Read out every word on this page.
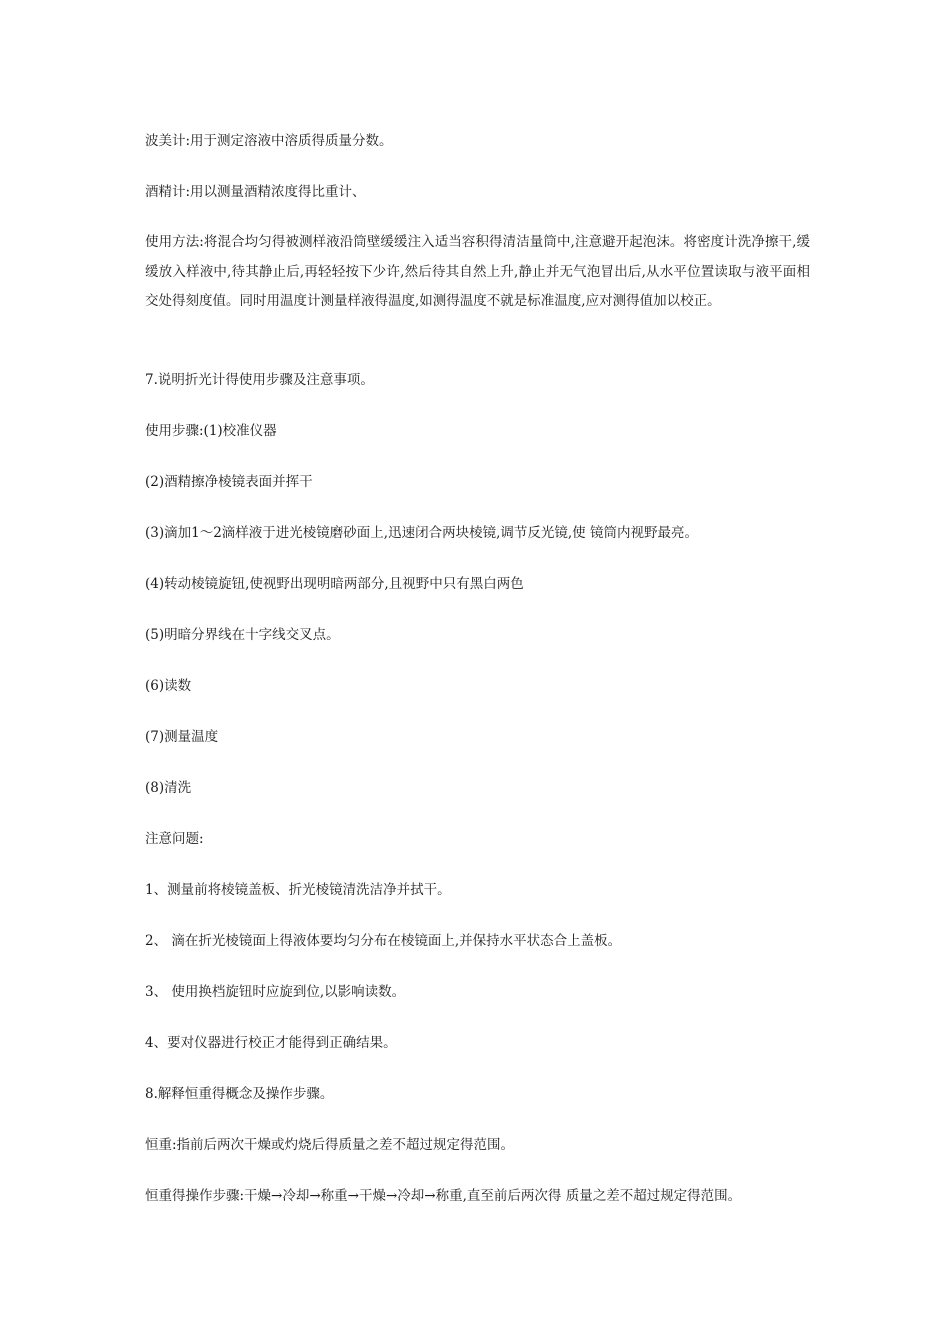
波美计:用于测定溶液中溶质得质量分数。

酒精计:用以测量酒精浓度得比重计、

使用方法:将混合均匀得被测样液沿筒壁缓缓注入适当容积得清洁量筒中,注意避开起泡沫。将密度计洗净擦干,缓缓放入样液中,待其静止后,再轻轻按下少许,然后待其自然上升,静止并无气泡冒出后,从水平位置读取与液平面相交处得刻度值。同时用温度计测量样液得温度,如测得温度不就是标准温度,应对测得值加以校正。

7.说明折光计得使用步骤及注意事项。

使用步骤:(1)校准仪器

(2)酒精擦净棱镜表面并挥干

(3)滴加1～2滴样液于进光棱镜磨砂面上,迅速闭合两块棱镜,调节反光镜,使 镜筒内视野最亮。

(4)转动棱镜旋钮,使视野出现明暗两部分,且视野中只有黑白两色

(5)明暗分界线在十字线交叉点。

(6)读数

(7)测量温度

(8)清洗

注意问题:

1、测量前将棱镜盖板、折光棱镜清洗洁净并拭干。

2、 滴在折光棱镜面上得液体要均匀分布在棱镜面上,并保持水平状态合上盖板。

3、 使用换档旋钮时应旋到位,以影响读数。

4、要对仪器进行校正才能得到正确结果。

8.解释恒重得概念及操作步骤。

恒重:指前后两次干燥或灼烧后得质量之差不超过规定得范围。

恒重得操作步骤:干燥→冷却→称重→干燥→冷却→称重,直至前后两次得 质量之差不超过规定得范围。
